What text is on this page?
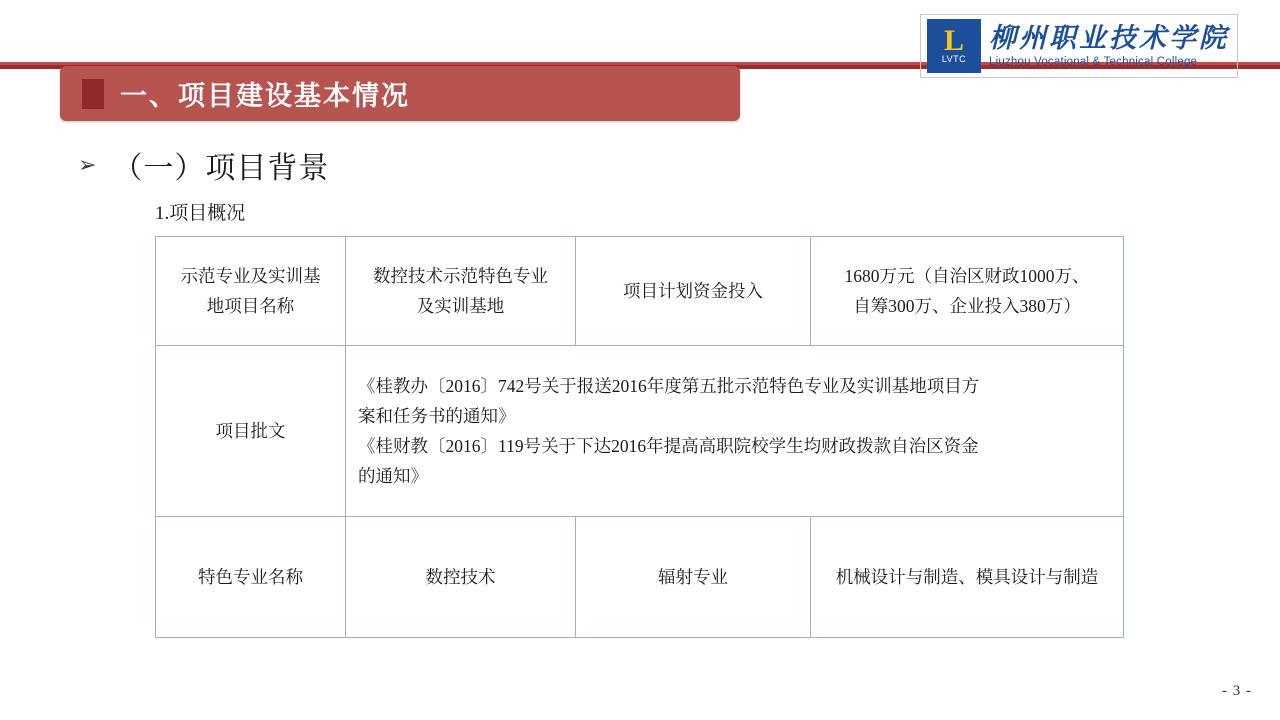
L
LVTC
柳州职业技术学院
Liuzhou Vocational & Technical College
一、项目建设基本情况
➢ （一）项目背景
1.项目概况
示范专业及实训基
地项目名称	数控技术示范特色专业
及实训基地	项目计划资金投入	1680万元（自治区财政1000万、
自筹300万、企业投入380万）

项目批文	《桂教办〔2016〕742号关于报送2016年度第五批示范特色专业及实训基地项目方
案和任务书的通知》
《桂财教〔2016〕119号关于下达2016年提高高职院校学生均财政拨款自治区资金
的通知》		

特色专业名称	数控技术	辐射专业	机械设计与制造、模具设计与制造
- 3 -
